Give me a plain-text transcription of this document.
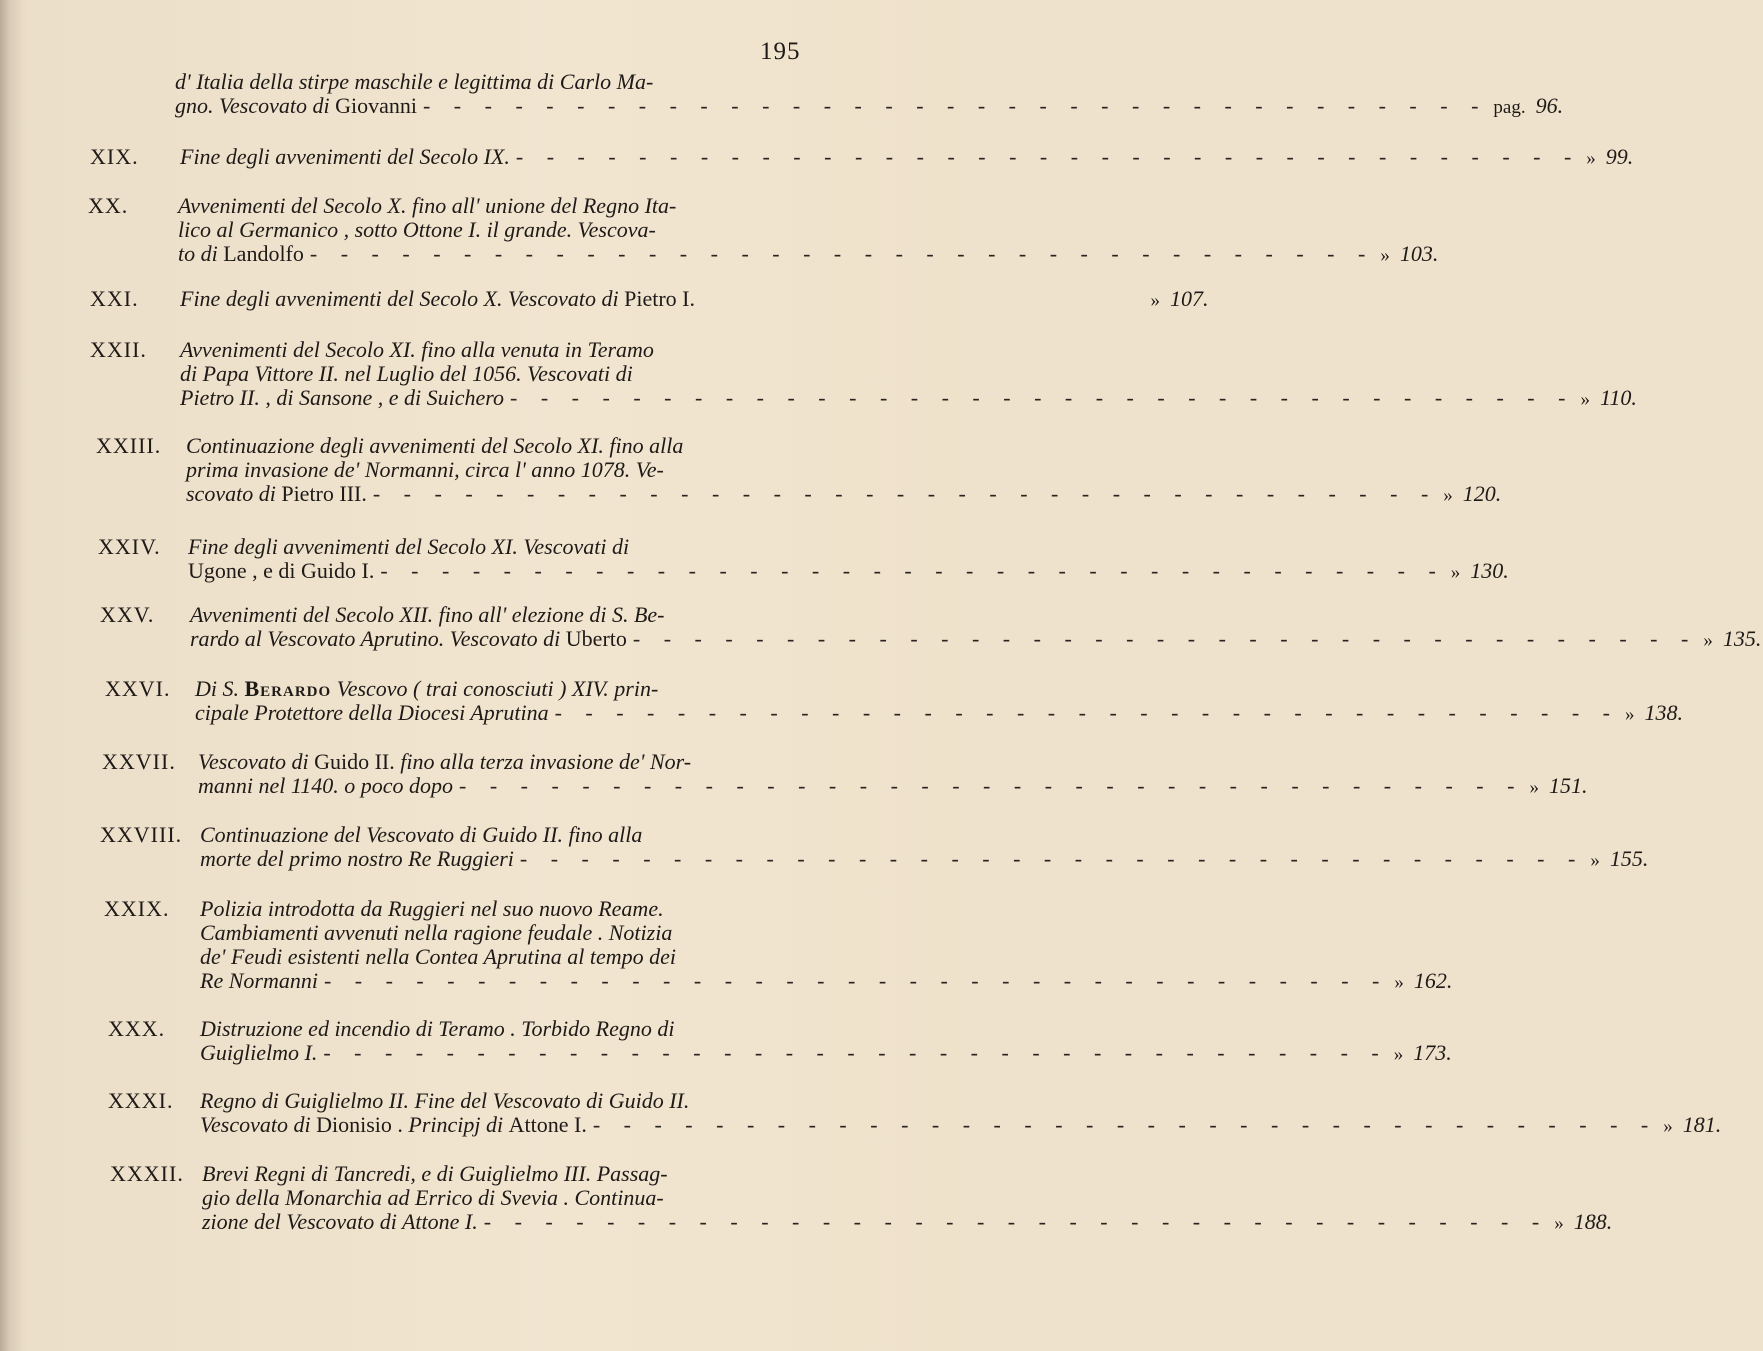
195
d' Italia della stirpe maschile e legittima di Carlo Ma-
gno. Vescovato di
Giovanni - - - - - - - - - - - - - - - - - - - - - - - - - - - - - - - - - - - pag. 96.
XIX. Fine degli avvenimenti del Secolo IX. - - - - - - - - - - - - - - - - - - - - - - - - - - - - - - - - - - - » 99.
XX. Avvenimenti del Secolo X. fino all' unione del Regno Ita-
lico al Germanico , sotto Ottone I. il grande. Vescova-
to di
Landolfo - - - - - - - - - - - - - - - - - - - - - - - - - - - - - - - - - - - » 103.
XXI. Fine degli avvenimenti del Secolo X. Vescovato di
Pietro I.	» 107.
XXII. Avvenimenti del Secolo XI. fino alla venuta in Teramo
di Papa Vittore II. nel Luglio del 1056. Vescovati di
Pietro II. , di Sansone , e di Suichero - - - - - - - - - - - - - - - - - - - - - - - - - - - - - - - - - - - » 110.
XXIII. Continuazione degli avvenimenti del Secolo XI. fino alla
prima invasione de' Normanni, circa l' anno 1078. Ve-
scovato di
Pietro III. - - - - - - - - - - - - - - - - - - - - - - - - - - - - - - - - - - - » 120.
XXIV. Fine degli avvenimenti del Secolo XI. Vescovati di
Ugone , e di Guido I. - - - - - - - - - - - - - - - - - - - - - - - - - - - - - - - - - - - » 130.
XXV. Avvenimenti del Secolo XII. fino all' elezione di S. Be-
rardo al Vescovato Aprutino. Vescovato di
Uberto - - - - - - - - - - - - - - - - - - - - - - - - - - - - - - - - - - - » 135.
XXVI. Di S.
Berardo
Vescovo ( trai conosciuti ) XIV. prin-
cipale Protettore della Diocesi Aprutina - - - - - - - - - - - - - - - - - - - - - - - - - - - - - - - - - - - » 138.
XXVII. Vescovato di
Guido II.
fino alla terza invasione de' Nor-
manni nel 1140. o poco dopo - - - - - - - - - - - - - - - - - - - - - - - - - - - - - - - - - - - » 151.
XXVIII. Continuazione del Vescovato di Guido II. fino alla
morte del primo nostro Re Ruggieri - - - - - - - - - - - - - - - - - - - - - - - - - - - - - - - - - - - » 155.
XXIX. Polizia introdotta da Ruggieri nel suo nuovo Reame.
Cambiamenti avvenuti nella ragione feudale . Notizia
de' Feudi esistenti nella Contea Aprutina al tempo dei
Re Normanni - - - - - - - - - - - - - - - - - - - - - - - - - - - - - - - - - - - » 162.
XXX. Distruzione ed incendio di Teramo . Torbido Regno di
Guiglielmo I. - - - - - - - - - - - - - - - - - - - - - - - - - - - - - - - - - - - » 173.
XXXI. Regno di Guiglielmo II. Fine del Vescovato di Guido II.
Vescovato di
Dionisio .
Principj di
Attone I. - - - - - - - - - - - - - - - - - - - - - - - - - - - - - - - - - - - » 181.
XXXII. Brevi Regni di Tancredi, e di Guiglielmo III. Passag-
gio della Monarchia ad Errico di Svevia . Continua-
zione del Vescovato di Attone I. - - - - - - - - - - - - - - - - - - - - - - - - - - - - - - - - - - - » 188.
